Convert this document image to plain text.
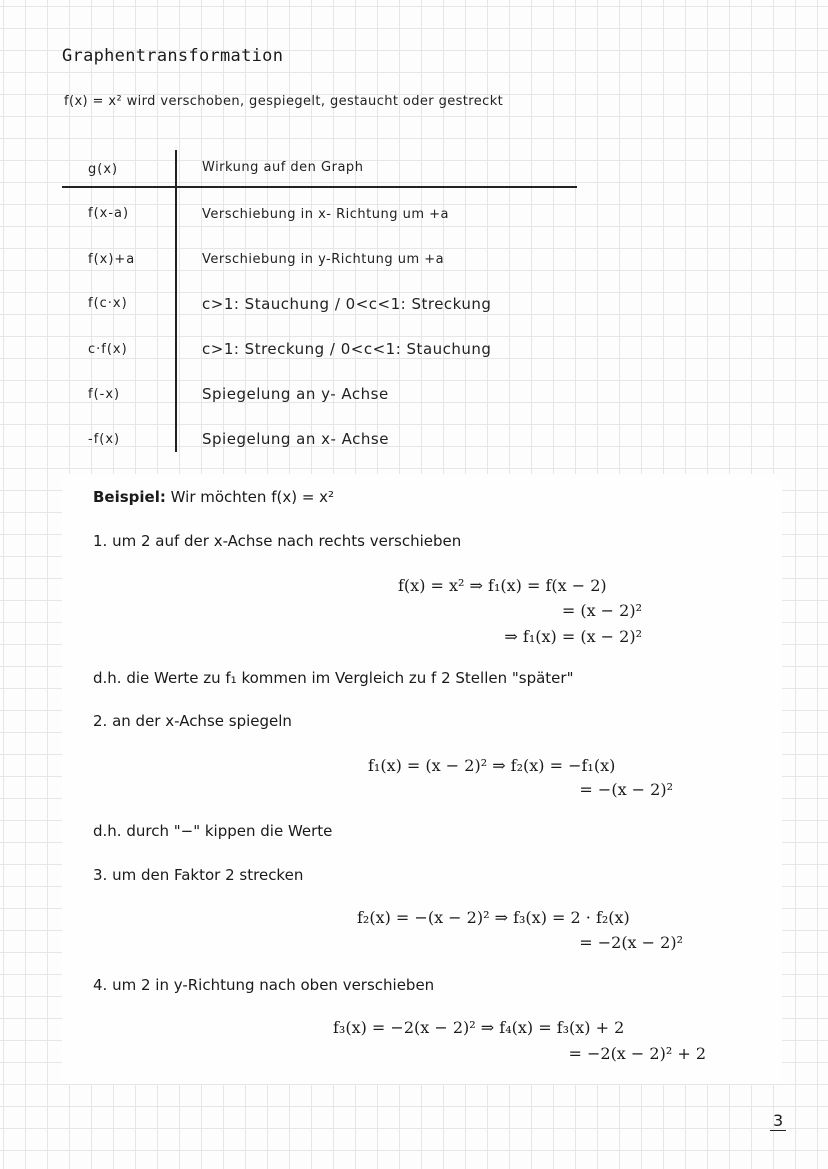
Graphentransformation
f(x) = x² wird verschoben, gespiegelt, gestaucht oder gestreckt
g(x)	Wirkung auf den Graph
f(x-a)	Verschiebung in x- Richtung um +a
f(x)+a	Verschiebung in y-Richtung um +a
f(c·x)	c>1: Stauchung / 0<c<1: Streckung
c·f(x)	c>1: Streckung / 0<c<1: Stauchung
f(-x)	Spiegelung an y- Achse
-f(x)	Spiegelung an x- Achse
Beispiel: Wir möchten f(x) = x²
1. um 2 auf der x-Achse nach rechts verschieben
f(x) = x² ⇒ f₁(x) = f(x − 2)
= (x − 2)²
⇒ f₁(x) = (x − 2)²
d.h. die Werte zu f₁ kommen im Vergleich zu f 2 Stellen "später"
2. an der x-Achse spiegeln
f₁(x) = (x − 2)² ⇒ f₂(x) = −f₁(x)
= −(x − 2)²
d.h. durch "−" kippen die Werte
3. um den Faktor 2 strecken
f₂(x) = −(x − 2)² ⇒ f₃(x) = 2 · f₂(x)
= −2(x − 2)²
4. um 2 in y-Richtung nach oben verschieben
f₃(x) = −2(x − 2)² ⇒ f₄(x) = f₃(x) + 2
= −2(x − 2)² + 2
3
